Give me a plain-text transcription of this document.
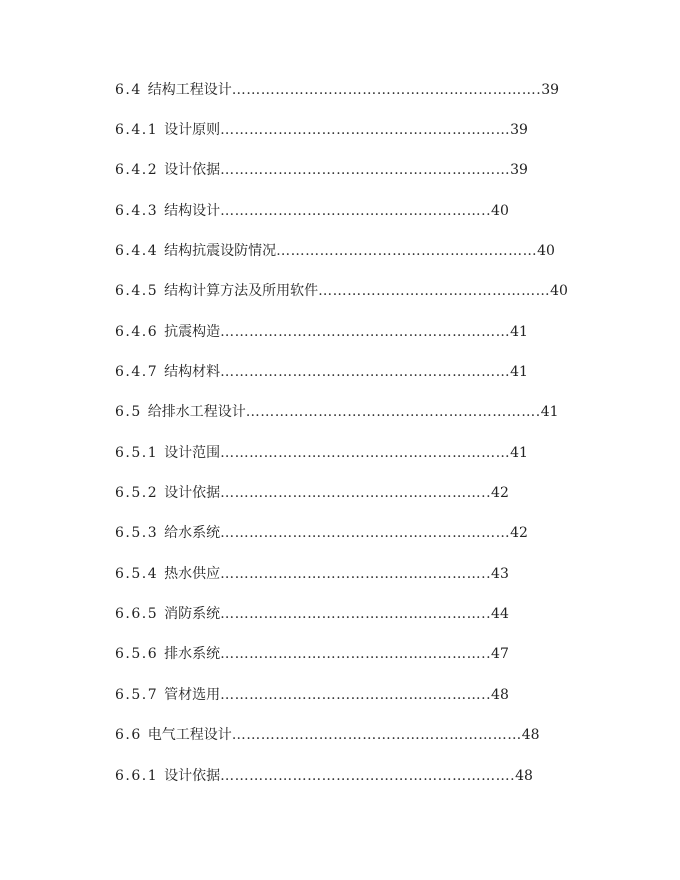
6.4 结构工程设计……………………………………………………….39
6.4.1 设计原则……………………………………………………39
6.4.2 设计依据……………………………………………………39
6.4.3 结构设计………………………………………………..40
6.4.4 结构抗震设防情况………………………………………………40
6.4.5 结构计算方法及所用软件…………………………………………40
6.4.6 抗震构造……………………………………………………41
6.4.7 结构材料……………………………………………………41
6.5 给排水工程设计…………………………………………………….41
6.5.1 设计范围……………………………………………………41
6.5.2 设计依据………………………………………………..42
6.5.3 给水系统……………………………………………………42
6.5.4 热水供应………………………………………………..43
6.6.5 消防系统………………………………………………..44
6.5.6 排水系统………………………………………………..47
6.5.7 管材选用………………………………………………..48
6.6 电气工程设计……………………………………………………48
6.6.1 设计依据…………………………………………………….48
